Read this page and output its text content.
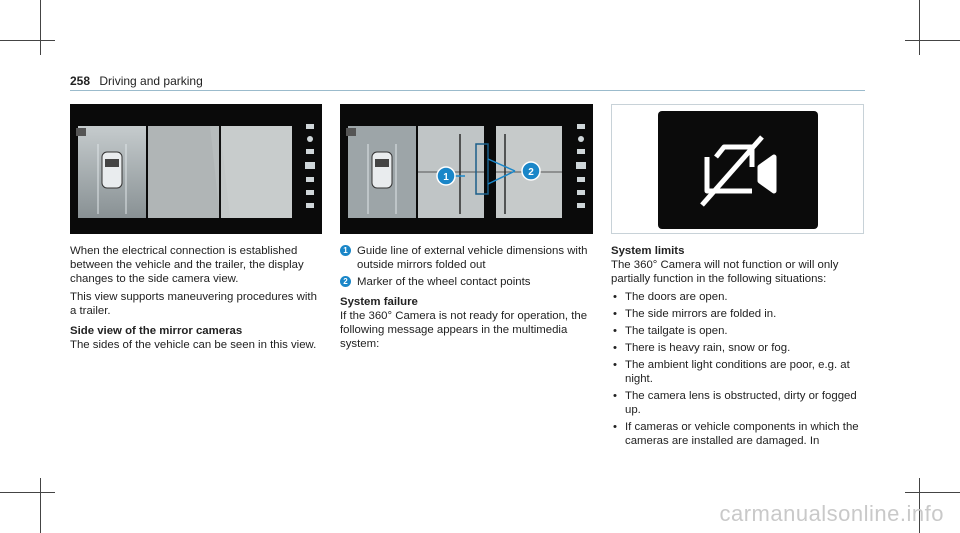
258 Driving and parking
1	2

When the electrical connection is established between the vehicle and the trailer, the display changes to the side camera view.

This view supports maneuvering procedures with a trailer.

Side view of the mirror cameras

The sides of the vehicle can be seen in this view.

1 Guide line of external vehicle dimensions with outside mirrors folded out
2 Marker of the wheel contact points
System failure

If the 360° Camera is not ready for operation, the following message appears in the multimedia system:

System limits

The 360° Camera will not function or will only partially function in the following situations:

• The doors are open.
• The side mirrors are folded in.
• The tailgate is open.
• There is heavy rain, snow or fog.
• The ambient light conditions are poor, e.g. at night.
• The camera lens is obstructed, dirty or fogged up.
• If cameras or vehicle components in which the cameras are installed are damaged. In
carmanualsonline.info
